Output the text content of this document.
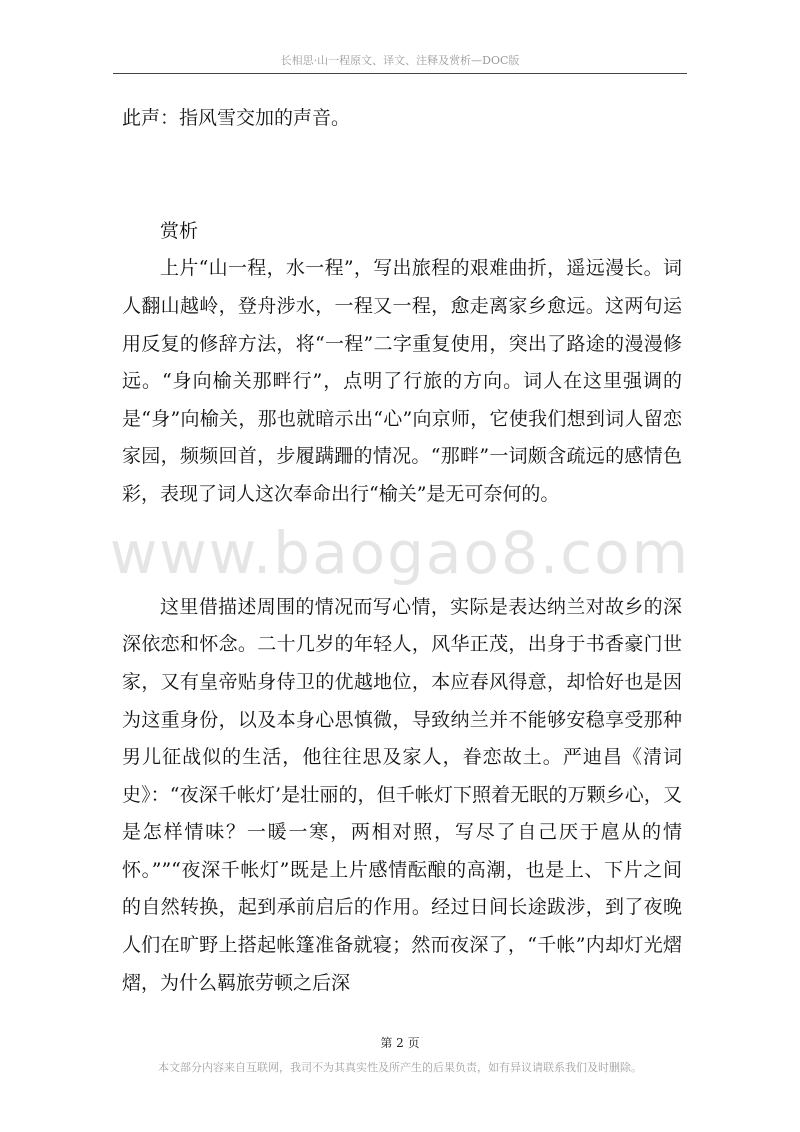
长相思·山一程原文、译文、注释及赏析—DOC版

此声：指风雪交加的声音。

赏析

上片“山一程，水一程”，写出旅程的艰难曲折，遥远漫长。词人翻山越岭，登舟涉水，一程又一程，愈走离家乡愈远。这两句运用反复的修辞方法，将“一程”二字重复使用，突出了路途的漫漫修远。“身向榆关那畔行”，点明了行旅的方向。词人在这里强调的是“身”向榆关，那也就暗示出“心”向京师，它使我们想到词人留恋家园，频频回首，步履蹒跚的情况。“那畔”一词颇含疏远的感情色彩，表现了词人这次奉命出行“榆关”是无可奈何的。

这里借描述周围的情况而写心情，实际是表达纳兰对故乡的深深依恋和怀念。二十几岁的年轻人，风华正茂，出身于书香豪门世家，又有皇帝贴身侍卫的优越地位，本应春风得意，却恰好也是因为这重身份，以及本身心思慎微，导致纳兰并不能够安稳享受那种男儿征战似的生活，他往往思及家人，眷恋故土。严迪昌《清词史》：“夜深千帐灯’是壮丽的，但千帐灯下照着无眠的万颗乡心，又是怎样情味？一暖一寒，两相对照，写尽了自己厌于扈从的情怀。””“夜深千帐灯”既是上片感情酝酿的高潮，也是上、下片之间的自然转换，起到承前启后的作用。经过日间长途跋涉，到了夜晚人们在旷野上搭起帐篷准备就寝；然而夜深了，“千帐”内却灯光熠熠，为什么羁旅劳顿之后深

www.baogao8.com
第 2 页
本文部分内容来自互联网，我司不为其真实性及所产生的后果负责，如有异议请联系我们及时删除。
